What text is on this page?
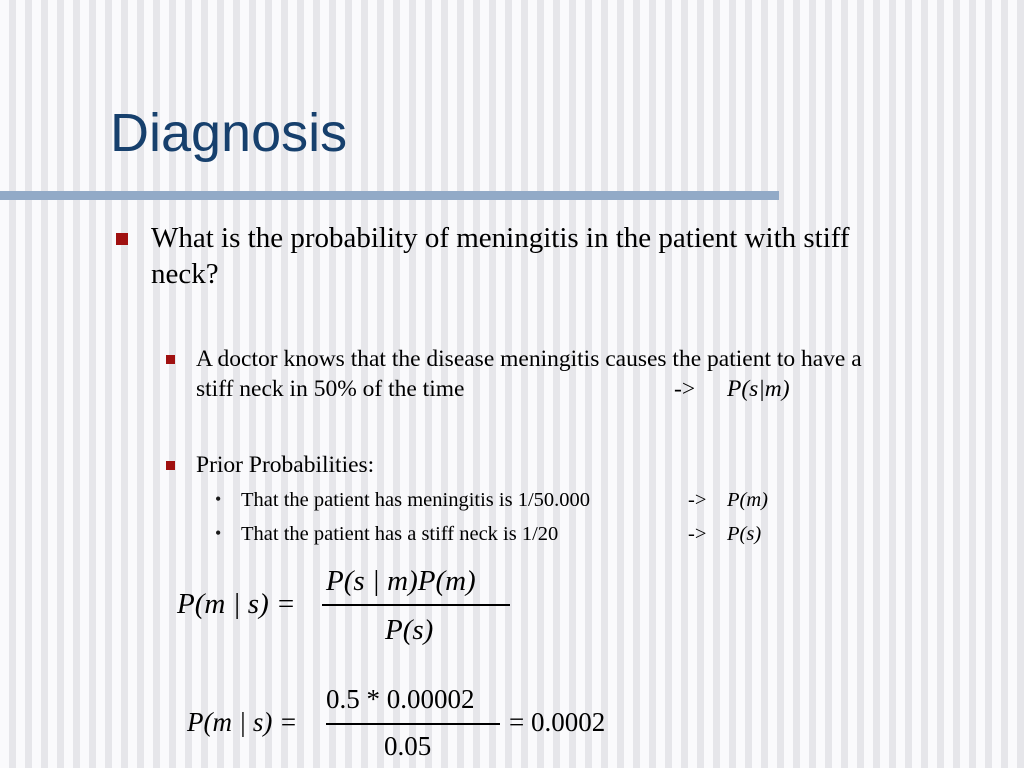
Diagnosis
What is the probability of meningitis in the patient with stiff
neck?
A doctor knows that the disease meningitis causes the patient to have a
stiff neck in 50% of the time	-> P(s|m)
Prior Probabilities:
• That the patient has meningitis is 1/50.000	-> P(m)
• That the patient has a stiff neck is 1/20	-> P(s)
P(m | s) =
P(s | m)P(m)
P(s)
P(m | s) =
0.5 * 0.00002
0.05
= 0.0002
